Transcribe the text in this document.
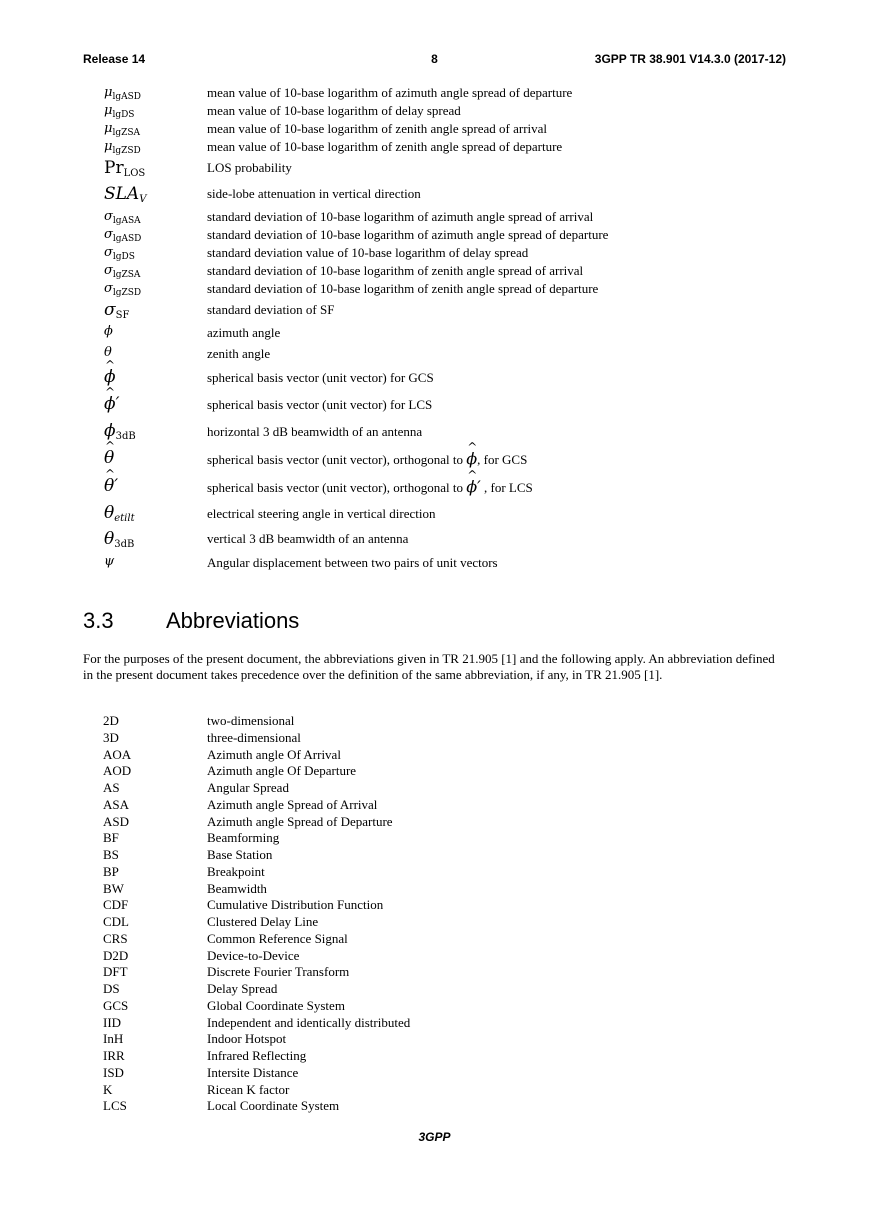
Release 14	8	3GPP TR 38.901 V14.3.0 (2017-12)
$\mu_{lgASD}$	mean value of 10-base logarithm of azimuth angle spread of departure
$\mu_{lgDS}$	mean value of 10-base logarithm of delay spread
$\mu_{lgZSA}$	mean value of 10-base logarithm of zenith angle spread of arrival
$\mu_{lgZSD}$	mean value of 10-base logarithm of zenith angle spread of departure
$Pr_{LOS}$	LOS probability
$SLA_V$	side-lobe attenuation in vertical direction
$\sigma_{lgASA}$	standard deviation of 10-base logarithm of azimuth angle spread of arrival
$\sigma_{lgASD}$	standard deviation of 10-base logarithm of azimuth angle spread of departure
$\sigma_{lgDS}$	standard deviation value of 10-base logarithm of delay spread
$\sigma_{lgZSA}$	standard deviation of 10-base logarithm of zenith angle spread of arrival
$\sigma_{lgZSD}$	standard deviation of 10-base logarithm of zenith angle spread of departure
$\sigma_{SF}$	standard deviation of SF
ϕ	azimuth angle
θ	zenith angle
^ ϕ	spherical basis vector (unit vector) for GCS
^ ϕ′	spherical basis vector (unit vector) for LCS
$\phi_{3dB}$	horizontal 3 dB beamwidth of an antenna
^ θ	spherical basis vector (unit vector), orthogonal to ^ ϕ, for GCS
^ θ′	spherical basis vector (unit vector), orthogonal to ^ ϕ′ , for LCS
$\theta_{etilt}$	electrical steering angle in vertical direction
$\theta_{3dB}$	vertical 3 dB beamwidth of an antenna
ψ	Angular displacement between two pairs of unit vectors
3.3 Abbreviations
For the purposes of the present document, the abbreviations given in TR 21.905 [1] and the following apply. An abbreviation defined in the present document takes precedence over the definition of the same abbreviation, if any, in TR 21.905 [1].
2D	two-dimensional
3D	three-dimensional
AOA	Azimuth angle Of Arrival
AOD	Azimuth angle Of Departure
AS	Angular Spread
ASA	Azimuth angle Spread of Arrival
ASD	Azimuth angle Spread of Departure
BF	Beamforming
BS	Base Station
BP	Breakpoint
BW	Beamwidth
CDF	Cumulative Distribution Function
CDL	Clustered Delay Line
CRS	Common Reference Signal
D2D	Device-to-Device
DFT	Discrete Fourier Transform
DS	Delay Spread
GCS	Global Coordinate System
IID	Independent and identically distributed
InH	Indoor Hotspot
IRR	Infrared Reflecting
ISD	Intersite Distance
K	Ricean K factor
LCS	Local Coordinate System
3GPP
